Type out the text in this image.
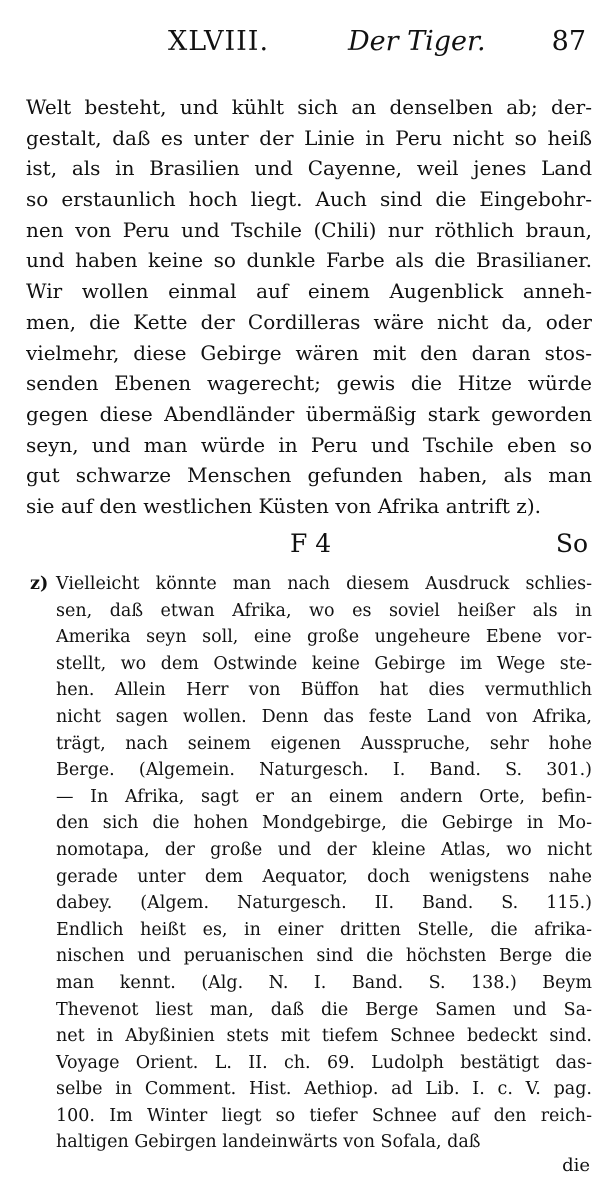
XLVIII.	Der Tiger. 87
Welt besteht, und kühlt sich an denselben ab; der-
gestalt, daß es unter der Linie in Peru nicht so heiß
ist, als in Brasilien und Cayenne, weil jenes Land
so erstaunlich hoch liegt. Auch sind die Eingebohr-
nen von Peru und Tschile (Chili) nur röthlich braun,
und haben keine so dunkle Farbe als die Brasilianer.
Wir wollen einmal auf einem Augenblick anneh-
men, die Kette der Cordilleras wäre nicht da, oder
vielmehr, diese Gebirge wären mit den daran stos-
senden Ebenen wagerecht; gewis die Hitze würde
gegen diese Abendländer übermäßig stark geworden
seyn, und man würde in Peru und Tschile eben so
gut schwarze Menschen gefunden haben, als man
sie auf den westlichen Küsten von Afrika antrift z).
F 4	So
z) Vielleicht könnte man nach diesem Ausdruck schlies-
sen, daß etwan Afrika, wo es soviel heißer als in
Amerika seyn soll, eine große ungeheure Ebene vor-
stellt, wo dem Ostwinde keine Gebirge im Wege ste-
hen. Allein Herr von Büffon hat dies vermuthlich
nicht sagen wollen. Denn das feste Land von Afrika,
trägt, nach seinem eigenen Ausspruche, sehr hohe
Berge. (Algemein. Naturgesch. I. Band. S. 301.)
— In Afrika, sagt er an einem andern Orte, befin-
den sich die hohen Mondgebirge, die Gebirge in Mo-
nomotapa, der große und der kleine Atlas, wo nicht
gerade unter dem Aequator, doch wenigstens nahe
dabey. (Algem. Naturgesch. II. Band. S. 115.)
Endlich heißt es, in einer dritten Stelle, die afrika-
nischen und peruanischen sind die höchsten Berge die
man kennt. (Alg. N. I. Band. S. 138.) Beym
Thevenot liest man, daß die Berge Samen und Sa-
net in Abyßinien stets mit tiefem Schnee bedeckt sind.
Voyage Orient. L. II. ch. 69. Ludolph bestätigt das-
selbe in Comment. Hist. Aethiop. ad Lib. I. c. V. pag.
100. Im Winter liegt so tiefer Schnee auf den reich-
haltigen Gebirgen landeinwärts von Sofala, daß
die
